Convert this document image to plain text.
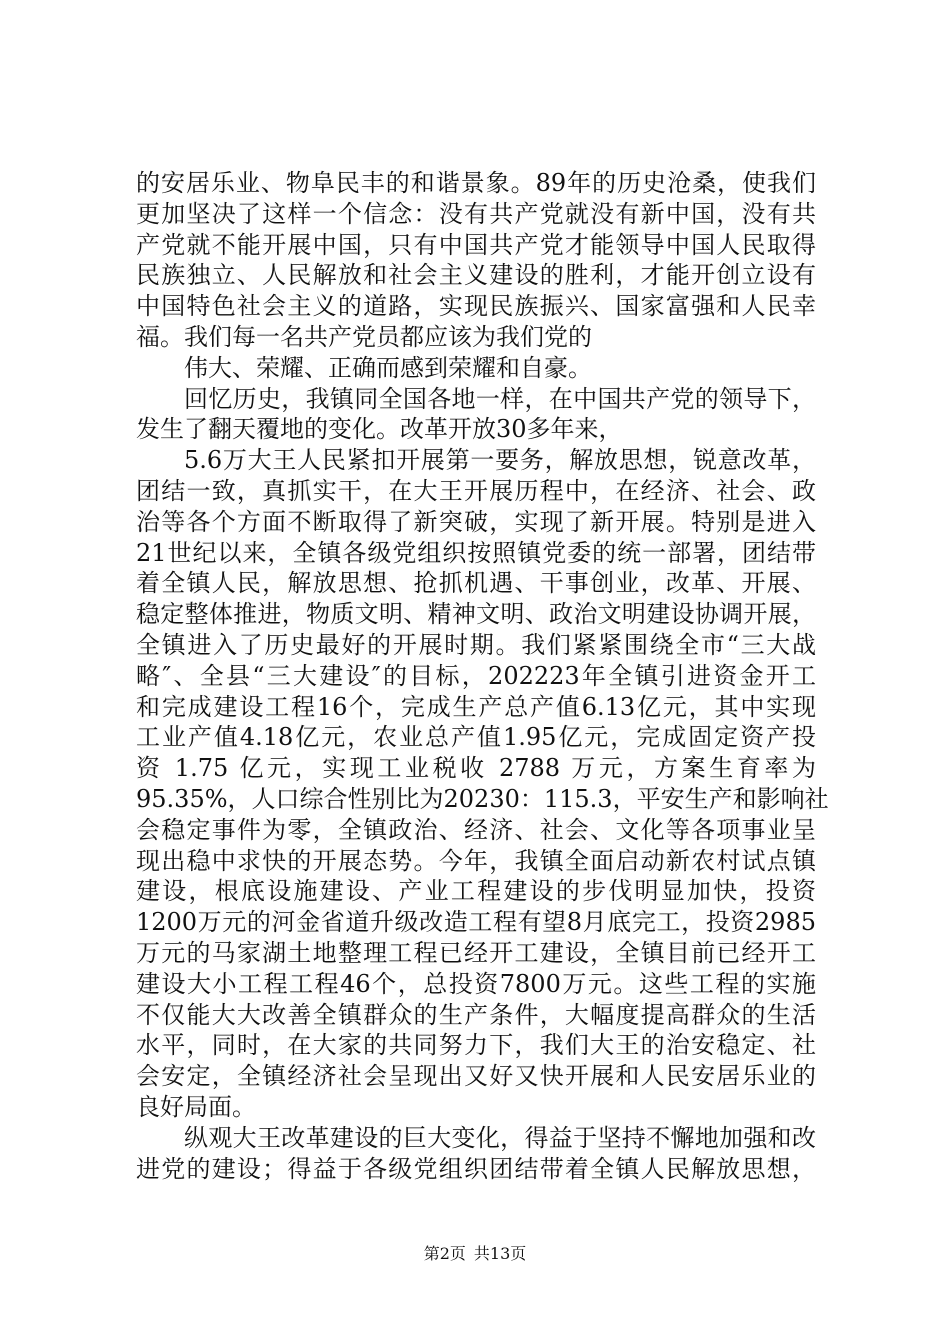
的安居乐业、物阜民丰的和谐景象。89年的历史沧桑，使我们
更加坚决了这样一个信念：没有共产党就没有新中国，没有共
产党就不能开展中国，只有中国共产党才能领导中国人民取得
民族独立、人民解放和社会主义建设的胜利，才能开创立设有
中国特色社会主义的道路，实现民族振兴、国家富强和人民幸
福。我们每一名共产党员都应该为我们党的
伟大、荣耀、正确而感到荣耀和自豪。
回忆历史，我镇同全国各地一样，在中国共产党的领导下，
发生了翻天覆地的变化。改革开放30多年来，
5.6万大王人民紧扣开展第一要务，解放思想，锐意改革，
团结一致，真抓实干，在大王开展历程中，在经济、社会、政
治等各个方面不断取得了新突破，实现了新开展。特别是进入
21世纪以来，全镇各级党组织按照镇党委的统一部署，团结带
着全镇人民，解放思想、抢抓机遇、干事创业，改革、开展、
稳定整体推进，物质文明、精神文明、政治文明建设协调开展，
全镇进入了历史最好的开展时期。我们紧紧围绕全市“三大战
略″、全县“三大建设″的目标，202223年全镇引进资金开工
和完成建设工程16个，完成生产总产值6.13亿元，其中实现
工业产值4.18亿元，农业总产值1.95亿元，完成固定资产投
资 1.75 亿元，实现工业税收 2788 万元，方案生育率为
95.35%，人口综合性别比为20230：115.3，平安生产和影响社
会稳定事件为零，全镇政治、经济、社会、文化等各项事业呈
现出稳中求快的开展态势。今年，我镇全面启动新农村试点镇
建设，根底设施建设、产业工程建设的步伐明显加快，投资
1200万元的河金省道升级改造工程有望8月底完工，投资2985
万元的马家湖土地整理工程已经开工建设，全镇目前已经开工
建设大小工程工程46个，总投资7800万元。这些工程的实施
不仅能大大改善全镇群众的生产条件，大幅度提高群众的生活
水平，同时，在大家的共同努力下，我们大王的治安稳定、社
会安定，全镇经济社会呈现出又好又快开展和人民安居乐业的
良好局面。
纵观大王改革建设的巨大变化，得益于坚持不懈地加强和改
进党的建设；得益于各级党组织团结带着全镇人民解放思想，
第2页 共13页
